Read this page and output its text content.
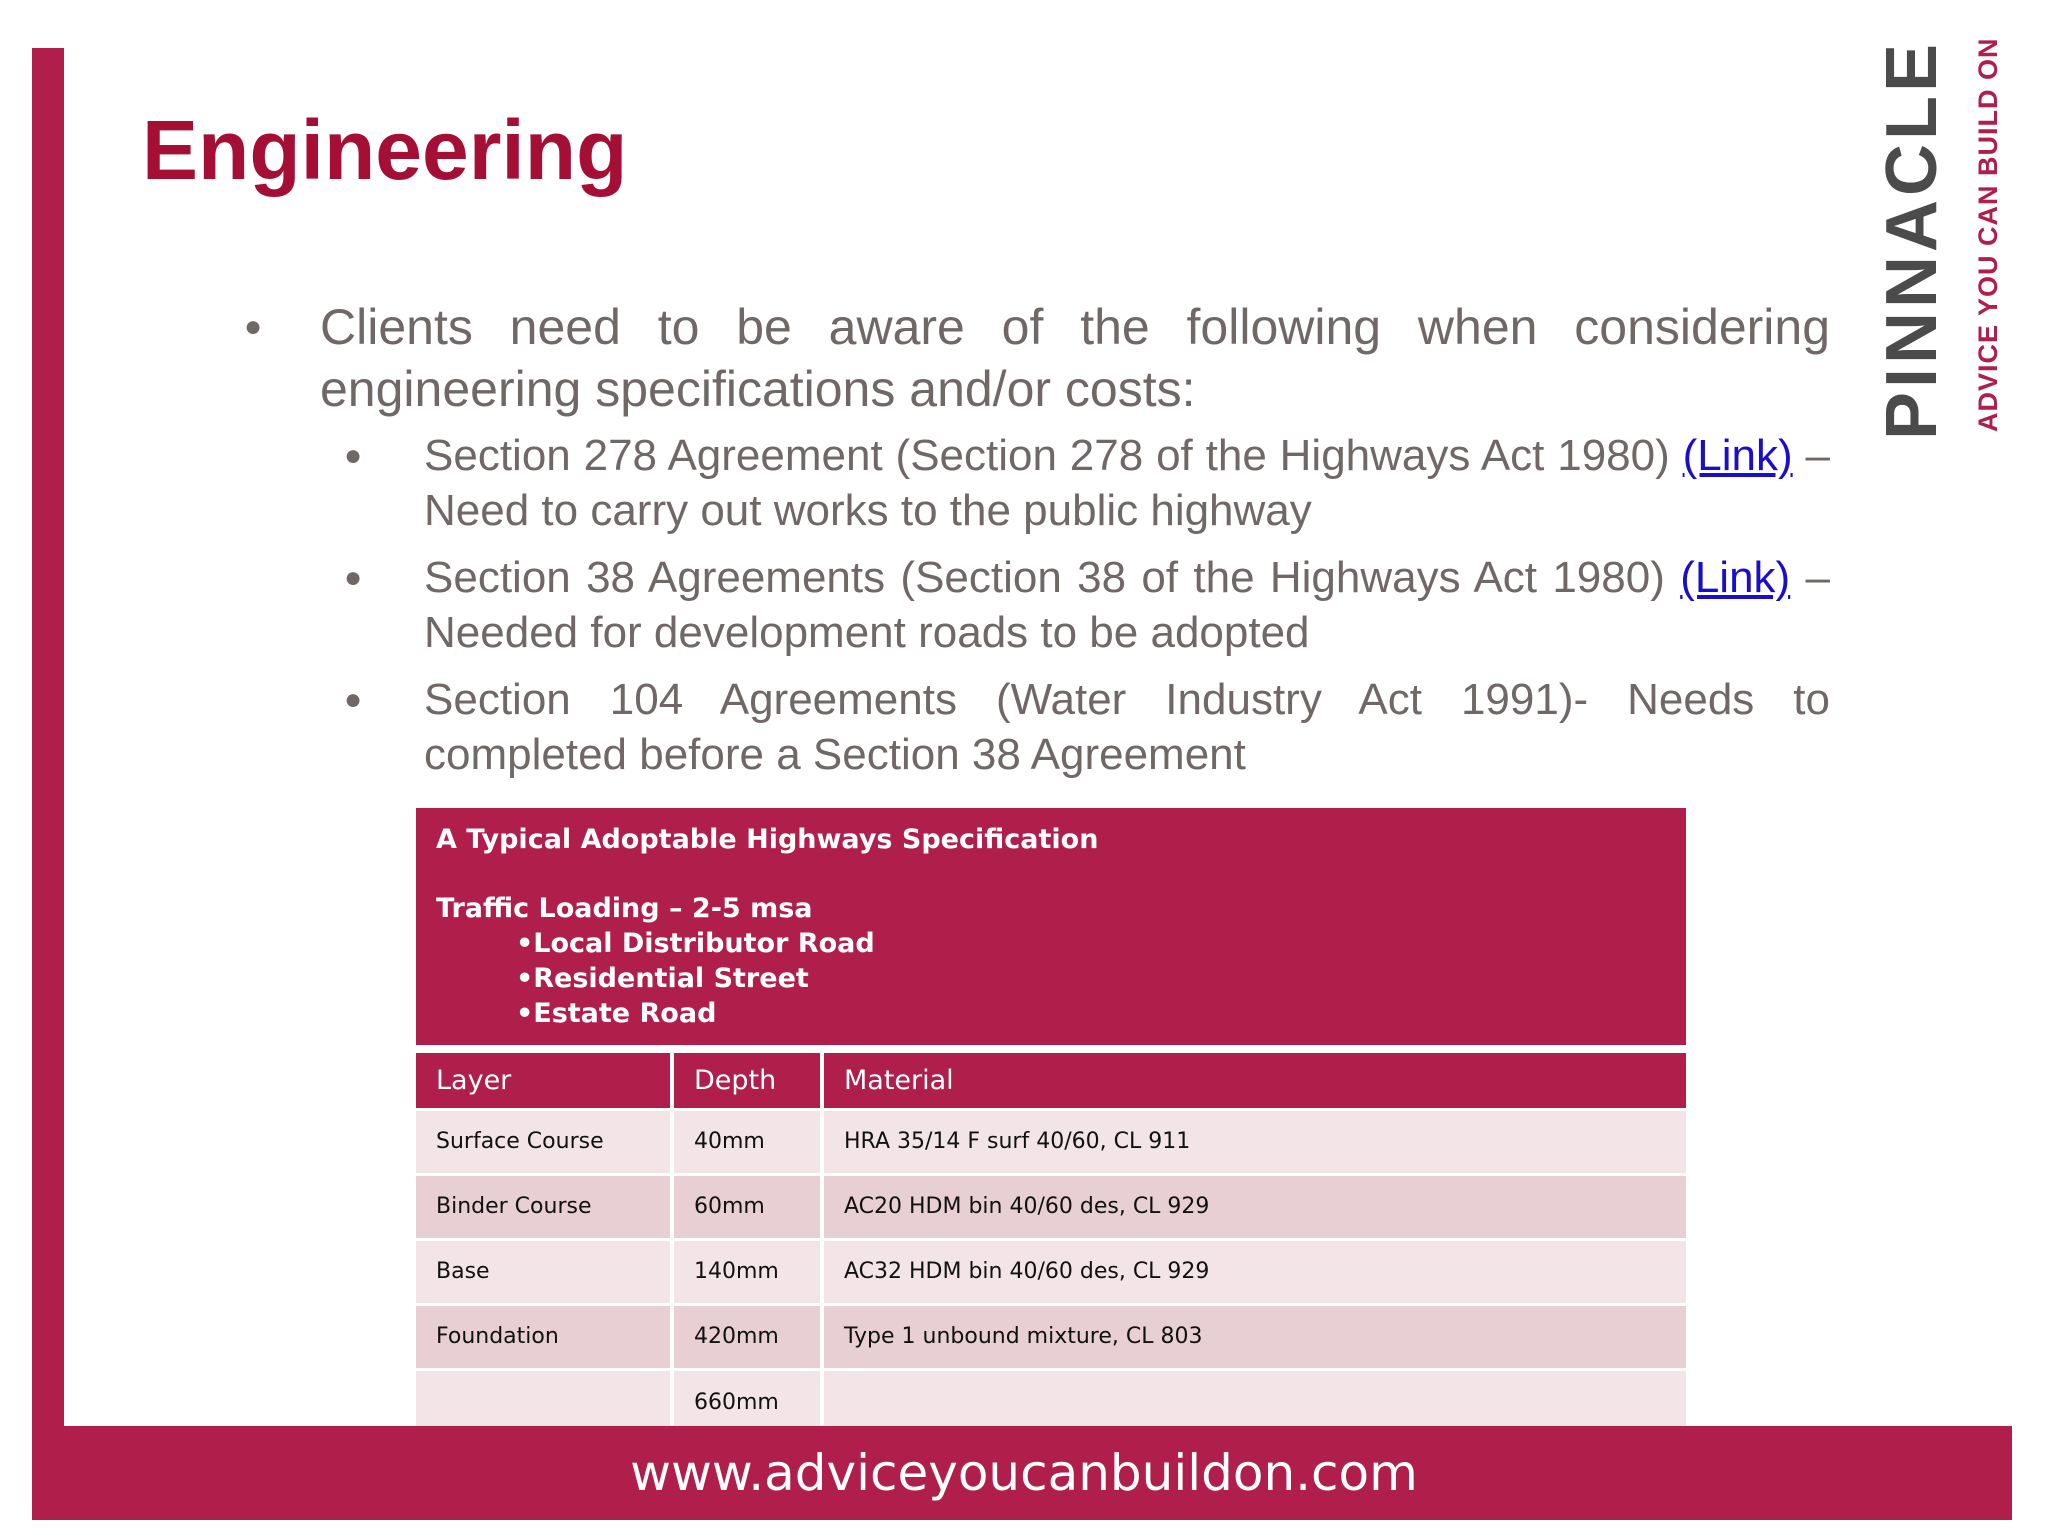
Engineering	PINNACLE ADVICE YOU CAN BUILD ON
● Clients need to be aware of the following when considering engineering specifications and/or costs:
● Section 278 Agreement (Section 278 of the Highways Act 1980) (Link) – Need to carry out works to the public highway
● Section 38 Agreements (Section 38 of the Highways Act 1980) (Link) – Needed for development roads to be adopted
● Section 104 Agreements (Water Industry Act 1991)- Needs to completed before a Section 38 Agreement
A Typical Adoptable Highways Specification
Traffic Loading – 2-5 msa
•Local Distributor Road
•Residential Street
•Estate Road		

Layer	Depth	Material
Surface Course	40mm	HRA 35/14 F surf 40/60, CL 911
Binder Course	60mm	AC20 HDM bin 40/60 des, CL 929
Base	140mm	AC32 HDM bin 40/60 des, CL 929
Foundation	420mm	Type 1 unbound mixture, CL 803
	660mm	
www.adviceyoucanbuildon.com
